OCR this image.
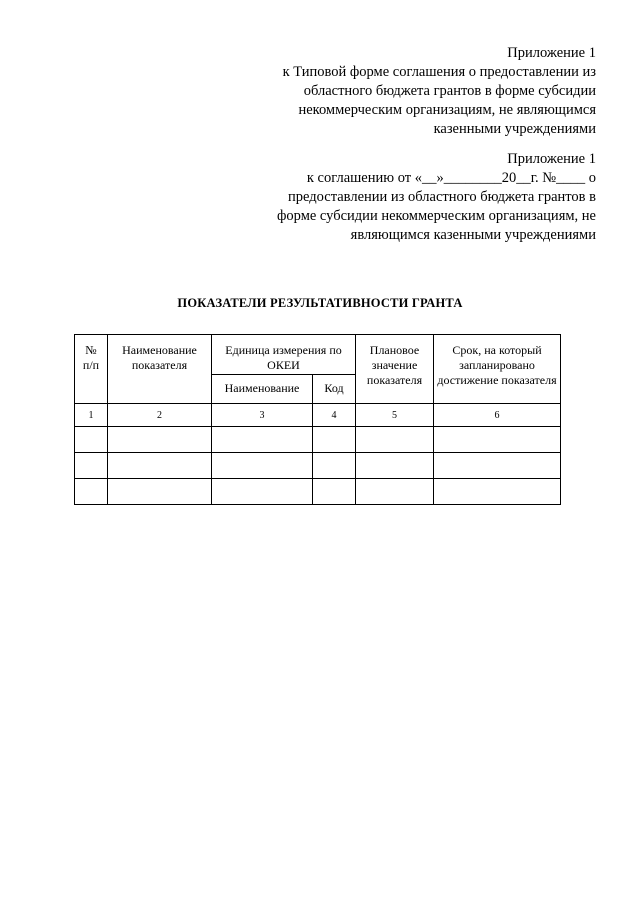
Приложение 1

к Типовой форме соглашения о предоставлении из

областного бюджета грантов в форме субсидии

некоммерческим организациям, не являющимся

казенными учреждениями

Приложение 1

к соглашению от «__»________20__г. №____ о

предоставлении из областного бюджета грантов в

форме субсидии некоммерческим организациям, не

являющимся казенными учреждениями

ПОКАЗАТЕЛИ РЕЗУЛЬТАТИВНОСТИ ГРАНТА
№
п/п	Наименование показателя	Единица измерения по ОКЕИ		Плановое значение показателя	Срок, на который запланировано достижение показателя
		Наименование	Код		
1	2	3	4	5	6
